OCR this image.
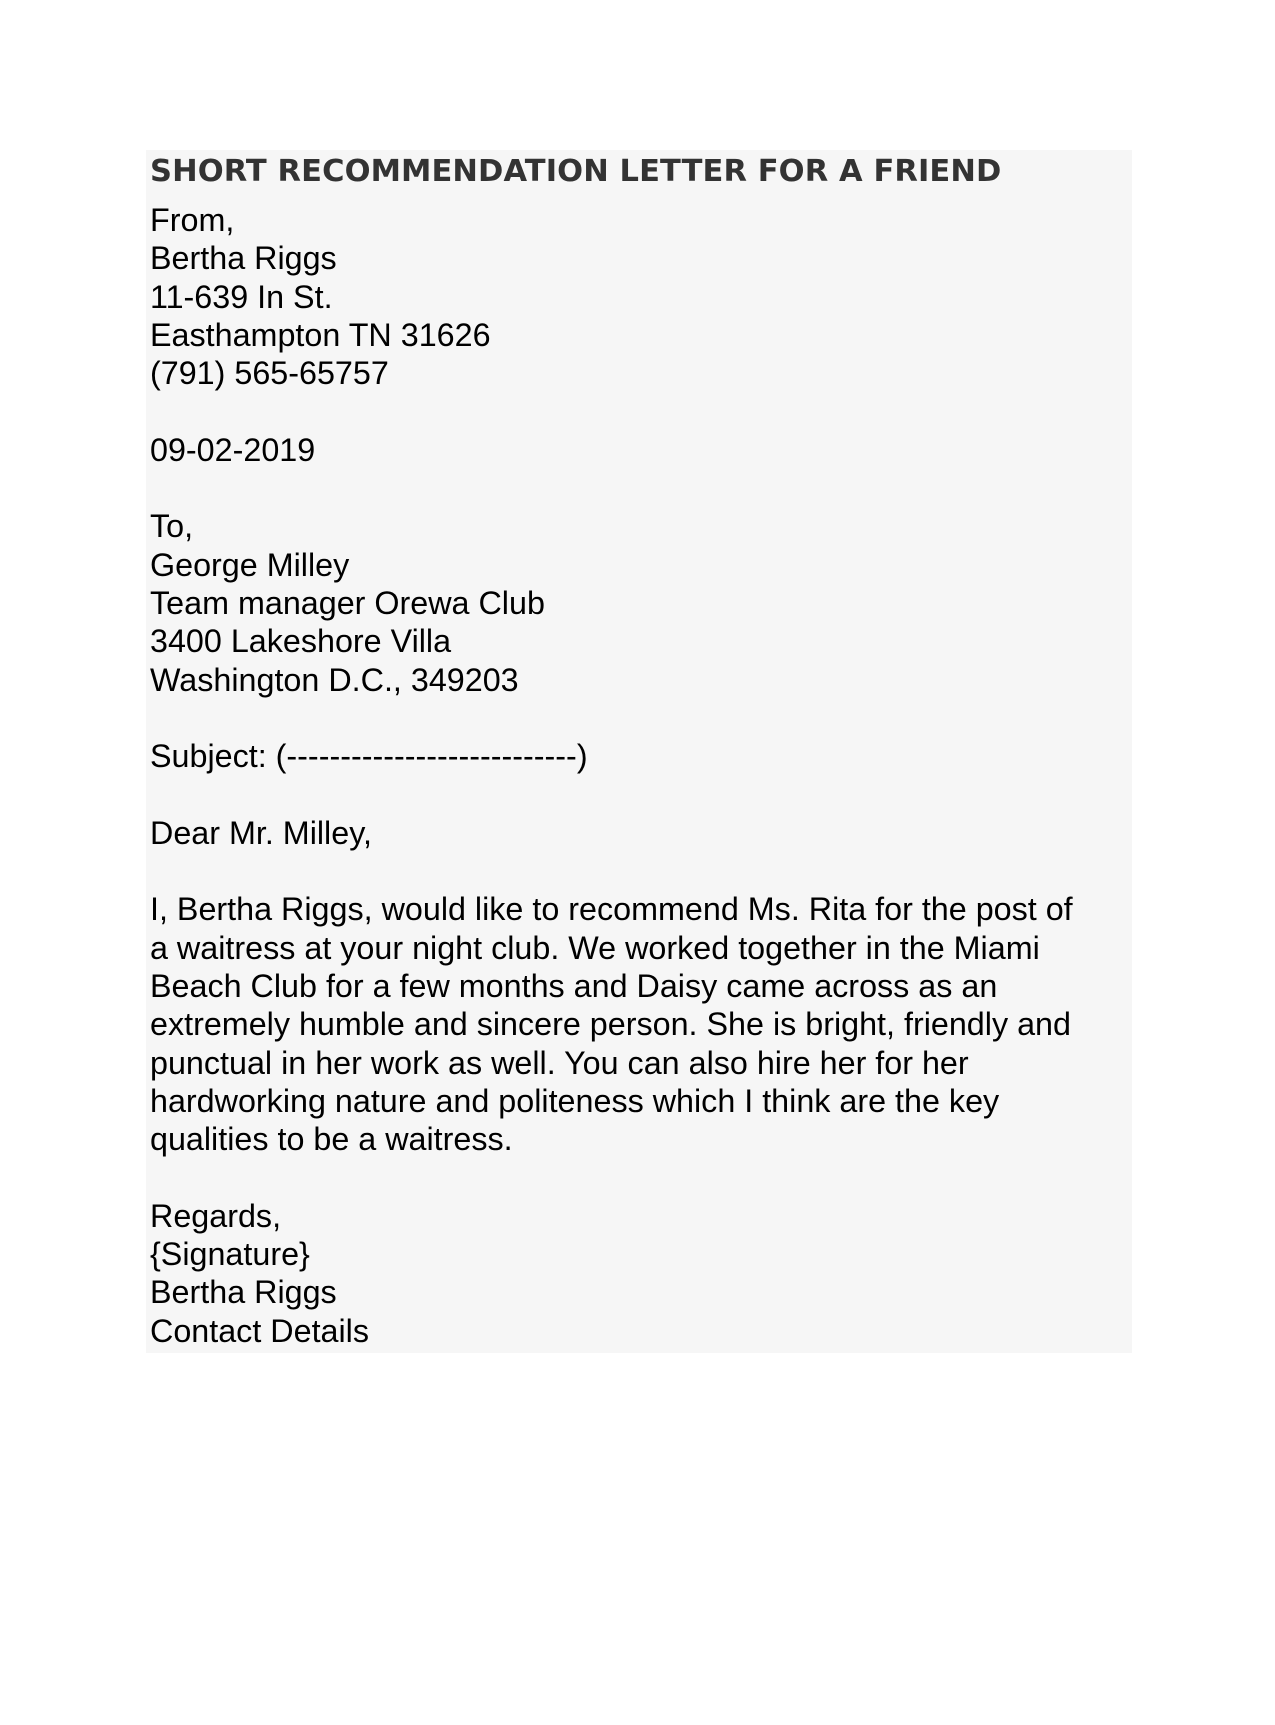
SHORT RECOMMENDATION LETTER FOR A FRIEND
From,
Bertha Riggs
11-639 In St.
Easthampton TN 31626
(791) 565-65757
09-02-2019
To,
George Milley
Team manager Orewa Club
3400 Lakeshore Villa
Washington D.C., 349203
Subject: (---------------------------)
Dear Mr. Milley,
I, Bertha Riggs, would like to recommend Ms. Rita for the post of
a waitress at your night club. We worked together in the Miami
Beach Club for a few months and Daisy came across as an
extremely humble and sincere person. She is bright, friendly and
punctual in her work as well. You can also hire her for her
hardworking nature and politeness which I think are the key
qualities to be a waitress.
Regards,
{Signature}
Bertha Riggs
Contact Details
